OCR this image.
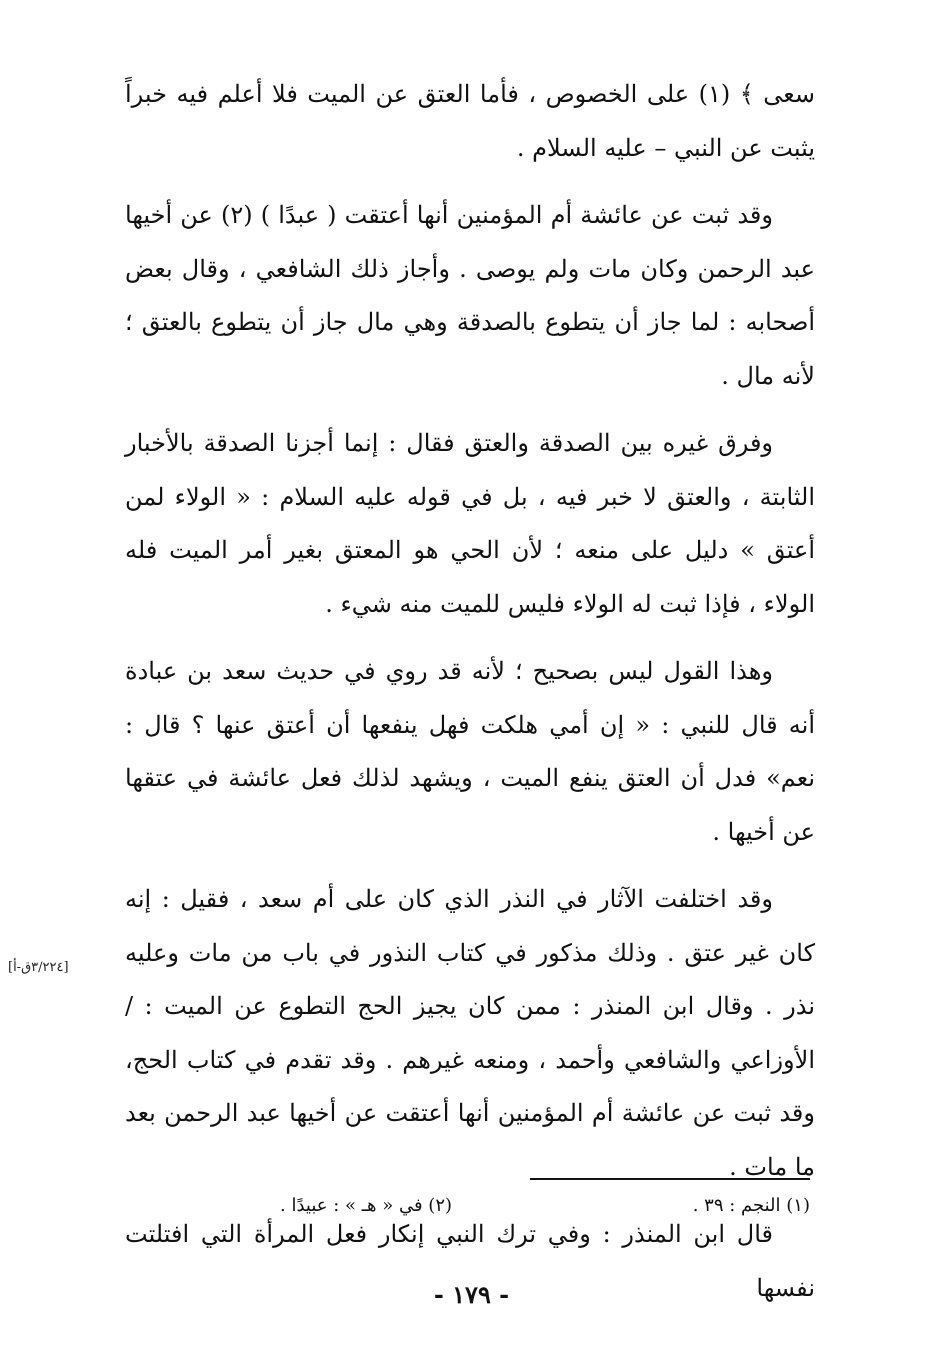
سعى ﴾ (١) على الخصوص ، فأما العتق عن الميت فلا أعلم فيه خبراً يثبت عن النبي – عليه السلام .

وقد ثبت عن عائشة أم المؤمنين أنها أعتقت ( عبدًا ) (٢) عن أخيها عبد الرحمن وكان مات ولم يوصى . وأجاز ذلك الشافعي ، وقال بعض أصحابه : لما جاز أن يتطوع بالصدقة وهي مال جاز أن يتطوع بالعتق ؛ لأنه مال .

وفرق غيره بين الصدقة والعتق فقال : إنما أجزنا الصدقة بالأخبار الثابتة ، والعتق لا خبر فيه ، بل في قوله عليه السلام : « الولاء لمن أعتق » دليل على منعه ؛ لأن الحي هو المعتق بغير أمر الميت فله الولاء ، فإذا ثبت له الولاء فليس للميت منه شيء .

وهذا القول ليس بصحيح ؛ لأنه قد روي في حديث سعد بن عبادة أنه قال للنبي : « إن أمي هلكت فهل ينفعها أن أعتق عنها ؟ قال : نعم» فدل أن العتق ينفع الميت ، ويشهد لذلك فعل عائشة في عتقها عن أخيها .

وقد اختلفت الآثار في النذر الذي كان على أم سعد ، فقيل : إنه كان غير عتق . وذلك مذكور في كتاب النذور في باب من مات وعليه نذر . وقال ابن المنذر : ممن كان يجيز الحج التطوع عن الميت : / الأوزاعي والشافعي وأحمد ، ومنعه غيرهم . وقد تقدم في كتاب الحج، وقد ثبت عن عائشة أم المؤمنين أنها أعتقت عن أخيها عبد الرحمن بعد ما مات .

قال ابن المنذر : وفي ترك النبي إنكار فعل المرأة التي افتلتت نفسها

[٣/٢٢٤ق-أ]
(١) النجم : ٣٩ .
(٢) في « هـ » : عبيدًا .
- ١٧٩ -
